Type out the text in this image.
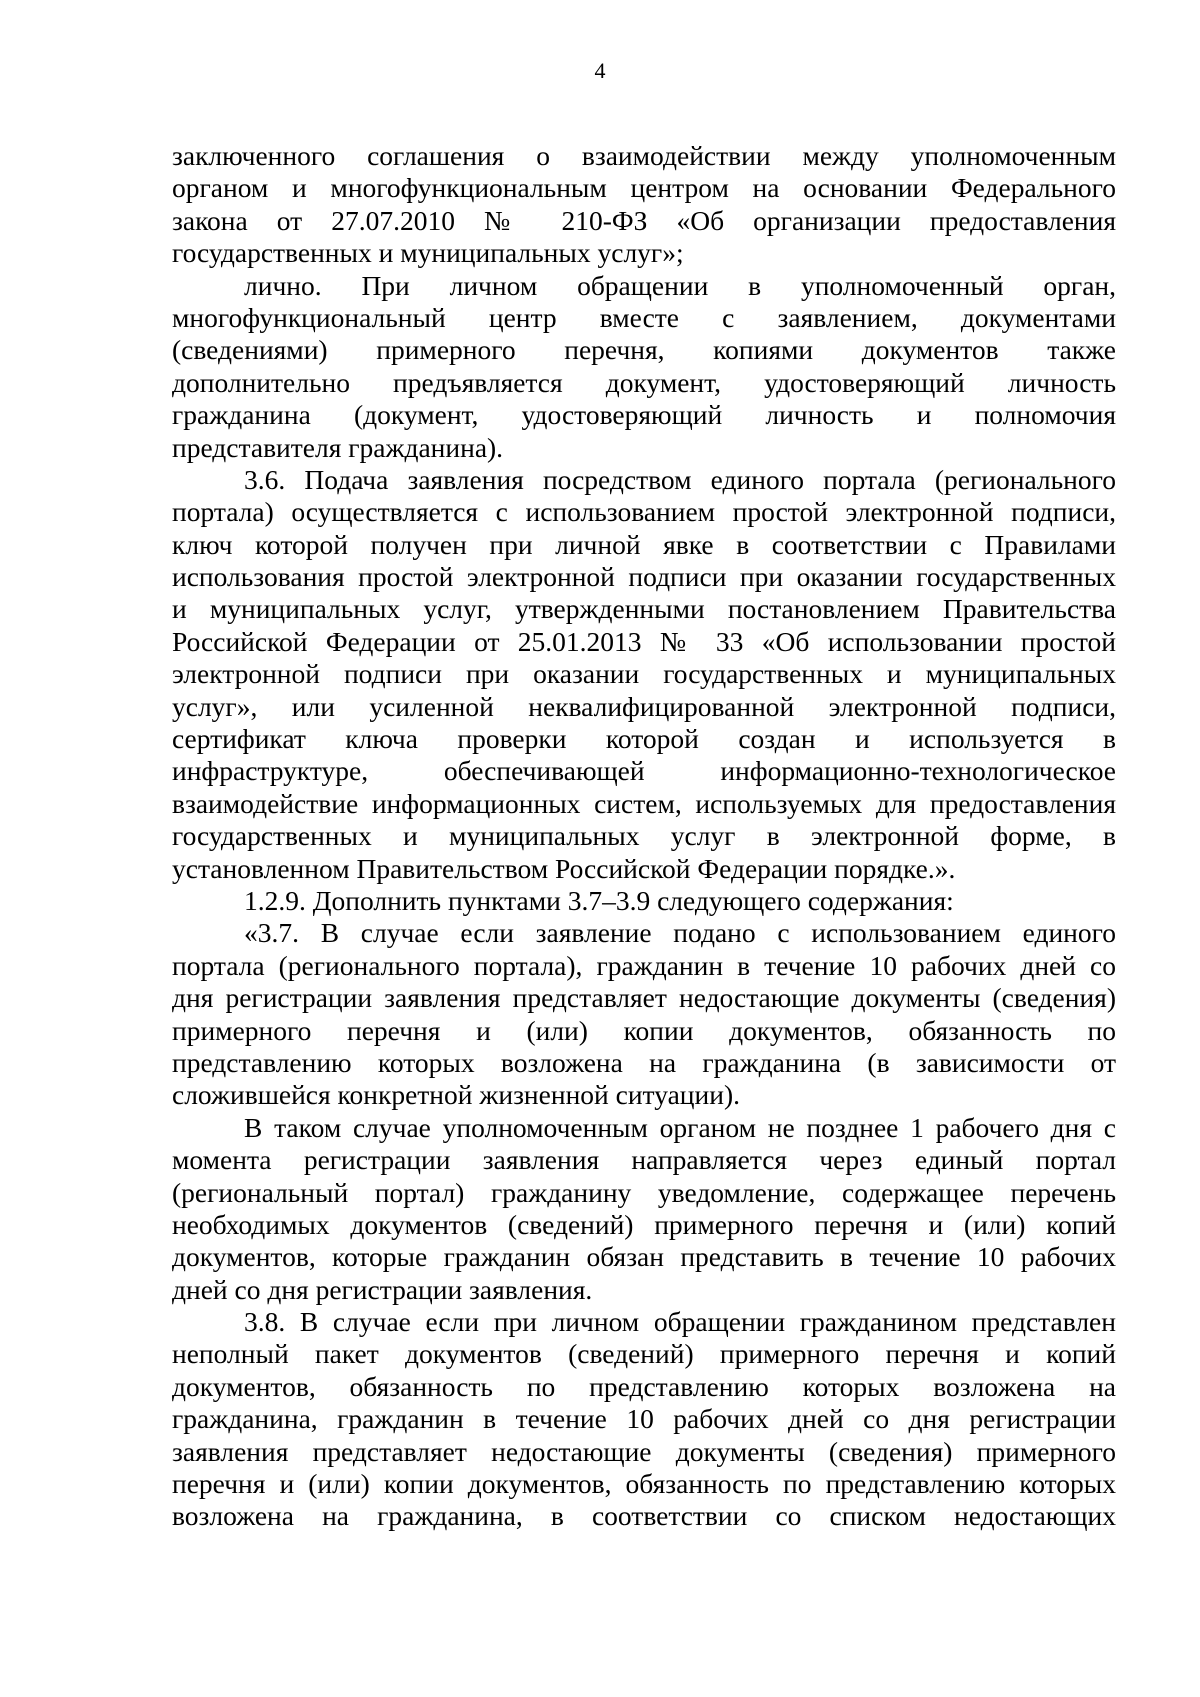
4
заключенного соглашения о взаимодействии между уполномоченным
органом и многофункциональным центром на основании Федерального
закона от 27.07.2010 № 210-ФЗ «Об организации предоставления
государственных и муниципальных услуг»;
лично. При личном обращении в уполномоченный орган,
многофункциональный центр вместе с заявлением, документами
(сведениями) примерного перечня, копиями документов также
дополнительно предъявляется документ, удостоверяющий личность
гражданина (документ, удостоверяющий личность и полномочия
представителя гражданина).
3.6. Подача заявления посредством единого портала (регионального
портала) осуществляется с использованием простой электронной подписи,
ключ которой получен при личной явке в соответствии с Правилами
использования простой электронной подписи при оказании государственных
и муниципальных услуг, утвержденными постановлением Правительства
Российской Федерации от 25.01.2013 № 33 «Об использовании простой
электронной подписи при оказании государственных и муниципальных
услуг», или усиленной неквалифицированной электронной подписи,
сертификат ключа проверки которой создан и используется в
инфраструктуре, обеспечивающей информационно-технологическое
взаимодействие информационных систем, используемых для предоставления
государственных и муниципальных услуг в электронной форме, в
установленном Правительством Российской Федерации порядке.».
1.2.9. Дополнить пунктами 3.7–3.9 следующего содержания:
«3.7. В случае если заявление подано с использованием единого
портала (регионального портала), гражданин в течение 10 рабочих дней со
дня регистрации заявления представляет недостающие документы (сведения)
примерного перечня и (или) копии документов, обязанность по
представлению которых возложена на гражданина (в зависимости от
сложившейся конкретной жизненной ситуации).
В таком случае уполномоченным органом не позднее 1 рабочего дня с
момента регистрации заявления направляется через единый портал
(региональный портал) гражданину уведомление, содержащее перечень
необходимых документов (сведений) примерного перечня и (или) копий
документов, которые гражданин обязан представить в течение 10 рабочих
дней со дня регистрации заявления.
3.8. В случае если при личном обращении гражданином представлен
неполный пакет документов (сведений) примерного перечня и копий
документов, обязанность по представлению которых возложена на
гражданина, гражданин в течение 10 рабочих дней со дня регистрации
заявления представляет недостающие документы (сведения) примерного
перечня и (или) копии документов, обязанность по представлению которых
возложена на гражданина, в соответствии со списком недостающих
